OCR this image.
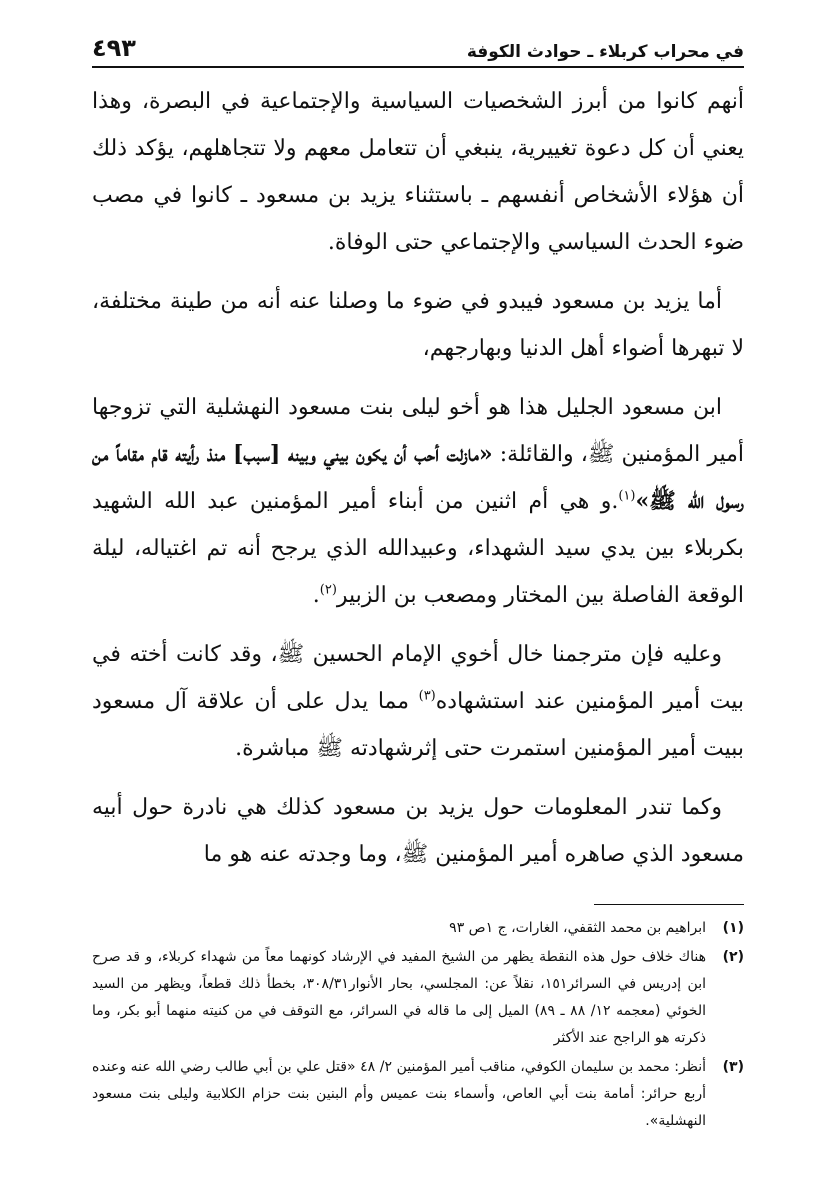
في محراب كربلاء ـ حوادث الكوفة
٤٩٣

أنهم كانوا من أبرز الشخصيات السياسية والإجتماعية في البصرة، وهذا يعني أن كل دعوة تغييرية، ينبغي أن تتعامل معهم ولا تتجاهلهم، يؤكد ذلك أن هؤلاء الأشخاص أنفسهم ـ باستثناء يزيد بن مسعود ـ كانوا في مصب ضوء الحدث السياسي والإجتماعي حتى الوفاة.

أما يزيد بن مسعود فيبدو في ضوء ما وصلنا عنه أنه من طينة مختلفة، لا تبهرها أضواء أهل الدنيا وبهارجهم،

ابن مسعود الجليل هذا هو أخو ليلى بنت مسعود النهشلية التي تزوجها أمير المؤمنين ﷺ، والقائلة: «مازلت أحب أن يكون بيني وبينه [سبب] منذ رأيته قام مقاماً من رسول الله ﷺ»$^{(١)}$.و هي أم اثنين من أبناء أمير المؤمنين عبد الله الشهيد بكربلاء بين يدي سيد الشهداء، وعبيدالله الذي يرجح أنه تم اغتياله، ليلة الوقعة الفاصلة بين المختار ومصعب بن الزبير$^{(٢)}$.

وعليه فإن مترجمنا خال أخوي الإمام الحسين ﷺ، وقد كانت أخته في بيت أمير المؤمنين عند استشهاده$^{(٣)}$ مما يدل على أن علاقة آل مسعود ببيت أمير المؤمنين استمرت حتى إثرشهادته ﷺ مباشرة.

وكما تندر المعلومات حول يزيد بن مسعود كذلك هي نادرة حول أبيه مسعود الذي صاهره أمير المؤمنين ﷺ، وما وجدته عنه هو ما

(١)
ابراهيم بن محمد الثقفي، الغارات، ج ١ص ٩٣
(٢)
هناك خلاف حول هذه النقطة يظهر من الشيخ المفيد في الإرشاد كونهما معاً من شهداء كربلاء، و قد صرح ابن إدريس في السرائر١٥١، نقلاً عن: المجلسي، بحار الأنوار٣٠٨/٣١، بخطأ ذلك قطعاً، ويظهر من السيد الخوئي (معجمه ١٢/ ٨٨ ـ ٨٩) الميل إلى ما قاله في السرائر، مع التوقف في من كنيته منهما أبو بكر، وما ذكرته هو الراجح عند الأكثر
(٣)
أنظر: محمد بن سليمان الكوفي، مناقب أمير المؤمنين ٢/ ٤٨ «قتل علي بن أبي طالب رضي الله عنه وعنده أربع حرائر: أمامة بنت أبي العاص، وأسماء بنت عميس وأم البنين بنت حزام الكلابية وليلى بنت مسعود النهشلية».
